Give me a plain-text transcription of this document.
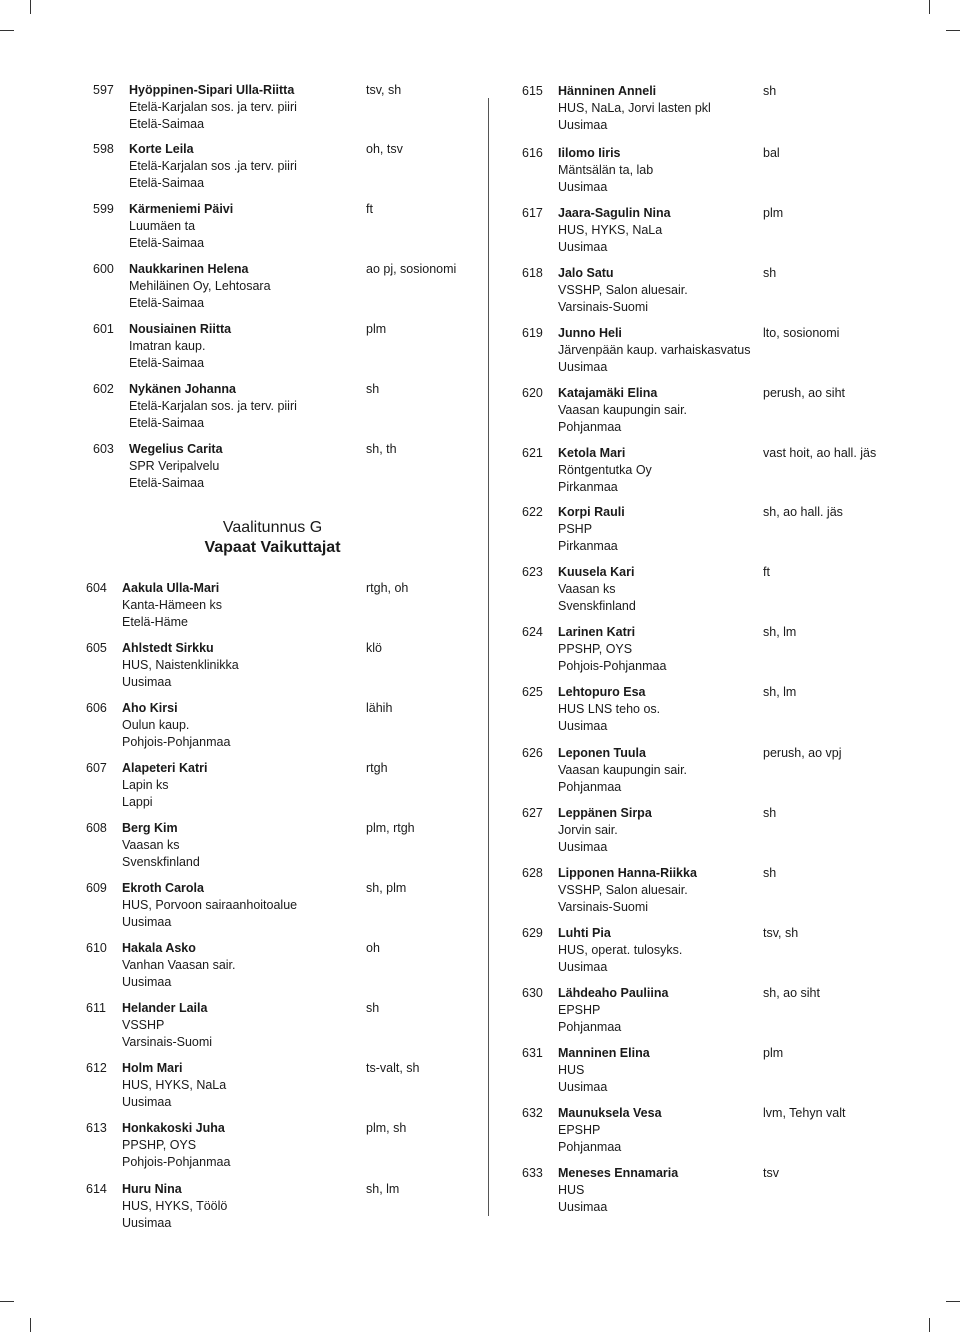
Vaalitunnus G
Vapaat Vaikuttajat
597 Hyöppinen-Sipari Ulla-Riitta
Etelä-Karjalan sos. ja terv. piiri
Etelä-Saimaa
tsv, sh
598 Korte Leila
Etelä-Karjalan sos .ja terv. piiri
Etelä-Saimaa
oh, tsv
599 Kärmeniemi Päivi
Luumäen ta
Etelä-Saimaa
ft
600 Naukkarinen Helena
Mehiläinen Oy, Lehtosara
Etelä-Saimaa
ao pj, sosionomi
601 Nousiainen Riitta
Imatran kaup.
Etelä-Saimaa
plm
602 Nykänen Johanna
Etelä-Karjalan sos. ja terv. piiri
Etelä-Saimaa
sh
603 Wegelius Carita
SPR Veripalvelu
Etelä-Saimaa
sh, th
604 Aakula Ulla-Mari
Kanta-Hämeen ks
Etelä-Häme
rtgh, oh
605 Ahlstedt Sirkku
HUS, Naistenklinikka
Uusimaa
klö
606 Aho Kirsi
Oulun kaup.
Pohjois-Pohjanmaa
lähih
607 Alapeteri Katri
Lapin ks
Lappi
rtgh
608 Berg Kim
Vaasan ks
Svenskfinland
plm, rtgh
609 Ekroth Carola
HUS, Porvoon sairaanhoitoalue
Uusimaa
sh, plm
610 Hakala Asko
Vanhan Vaasan sair.
Uusimaa
oh
611 Helander Laila
VSSHP
Varsinais-Suomi
sh
612 Holm Mari
HUS, HYKS, NaLa
Uusimaa
ts-valt, sh
613 Honkakoski Juha
PPSHP, OYS
Pohjois-Pohjanmaa
plm, sh
614 Huru Nina
HUS, HYKS, Töölö
Uusimaa
sh, lm
615 Hänninen Anneli
HUS, NaLa, Jorvi lasten pkl
Uusimaa
sh
616 Iilomo Iiris
Mäntsälän ta, lab
Uusimaa
bal
617 Jaara-Sagulin Nina
HUS, HYKS, NaLa
Uusimaa
plm
618 Jalo Satu
VSSHP, Salon aluesair.
Varsinais-Suomi
sh
619 Junno Heli
Järvenpään kaup. varhaiskasvatus
Uusimaa
lto, sosionomi
620 Katajamäki Elina
Vaasan kaupungin sair.
Pohjanmaa
perush, ao siht
621 Ketola Mari
Röntgentutka Oy
Pirkanmaa
vast hoit, ao hall. jäs
622 Korpi Rauli
PSHP
Pirkanmaa
sh, ao hall. jäs
623 Kuusela Kari
Vaasan ks
Svenskfinland
ft
624 Larinen Katri
PPSHP, OYS
Pohjois-Pohjanmaa
sh, lm
625 Lehtopuro Esa
HUS LNS teho os.
Uusimaa
sh, lm
626 Leponen Tuula
Vaasan kaupungin sair.
Pohjanmaa
perush, ao vpj
627 Leppänen Sirpa
Jorvin sair.
Uusimaa
sh
628 Lipponen Hanna-Riikka
VSSHP, Salon aluesair.
Varsinais-Suomi
sh
629 Luhti Pia
HUS, operat. tulosyks.
Uusimaa
tsv, sh
630 Lähdeaho Pauliina
EPSHP
Pohjanmaa
sh, ao siht
631 Manninen Elina
HUS
Uusimaa
plm
632 Maunuksela Vesa
EPSHP
Pohjanmaa
lvm, Tehyn valt
633 Meneses Ennamaria
HUS
Uusimaa
tsv
